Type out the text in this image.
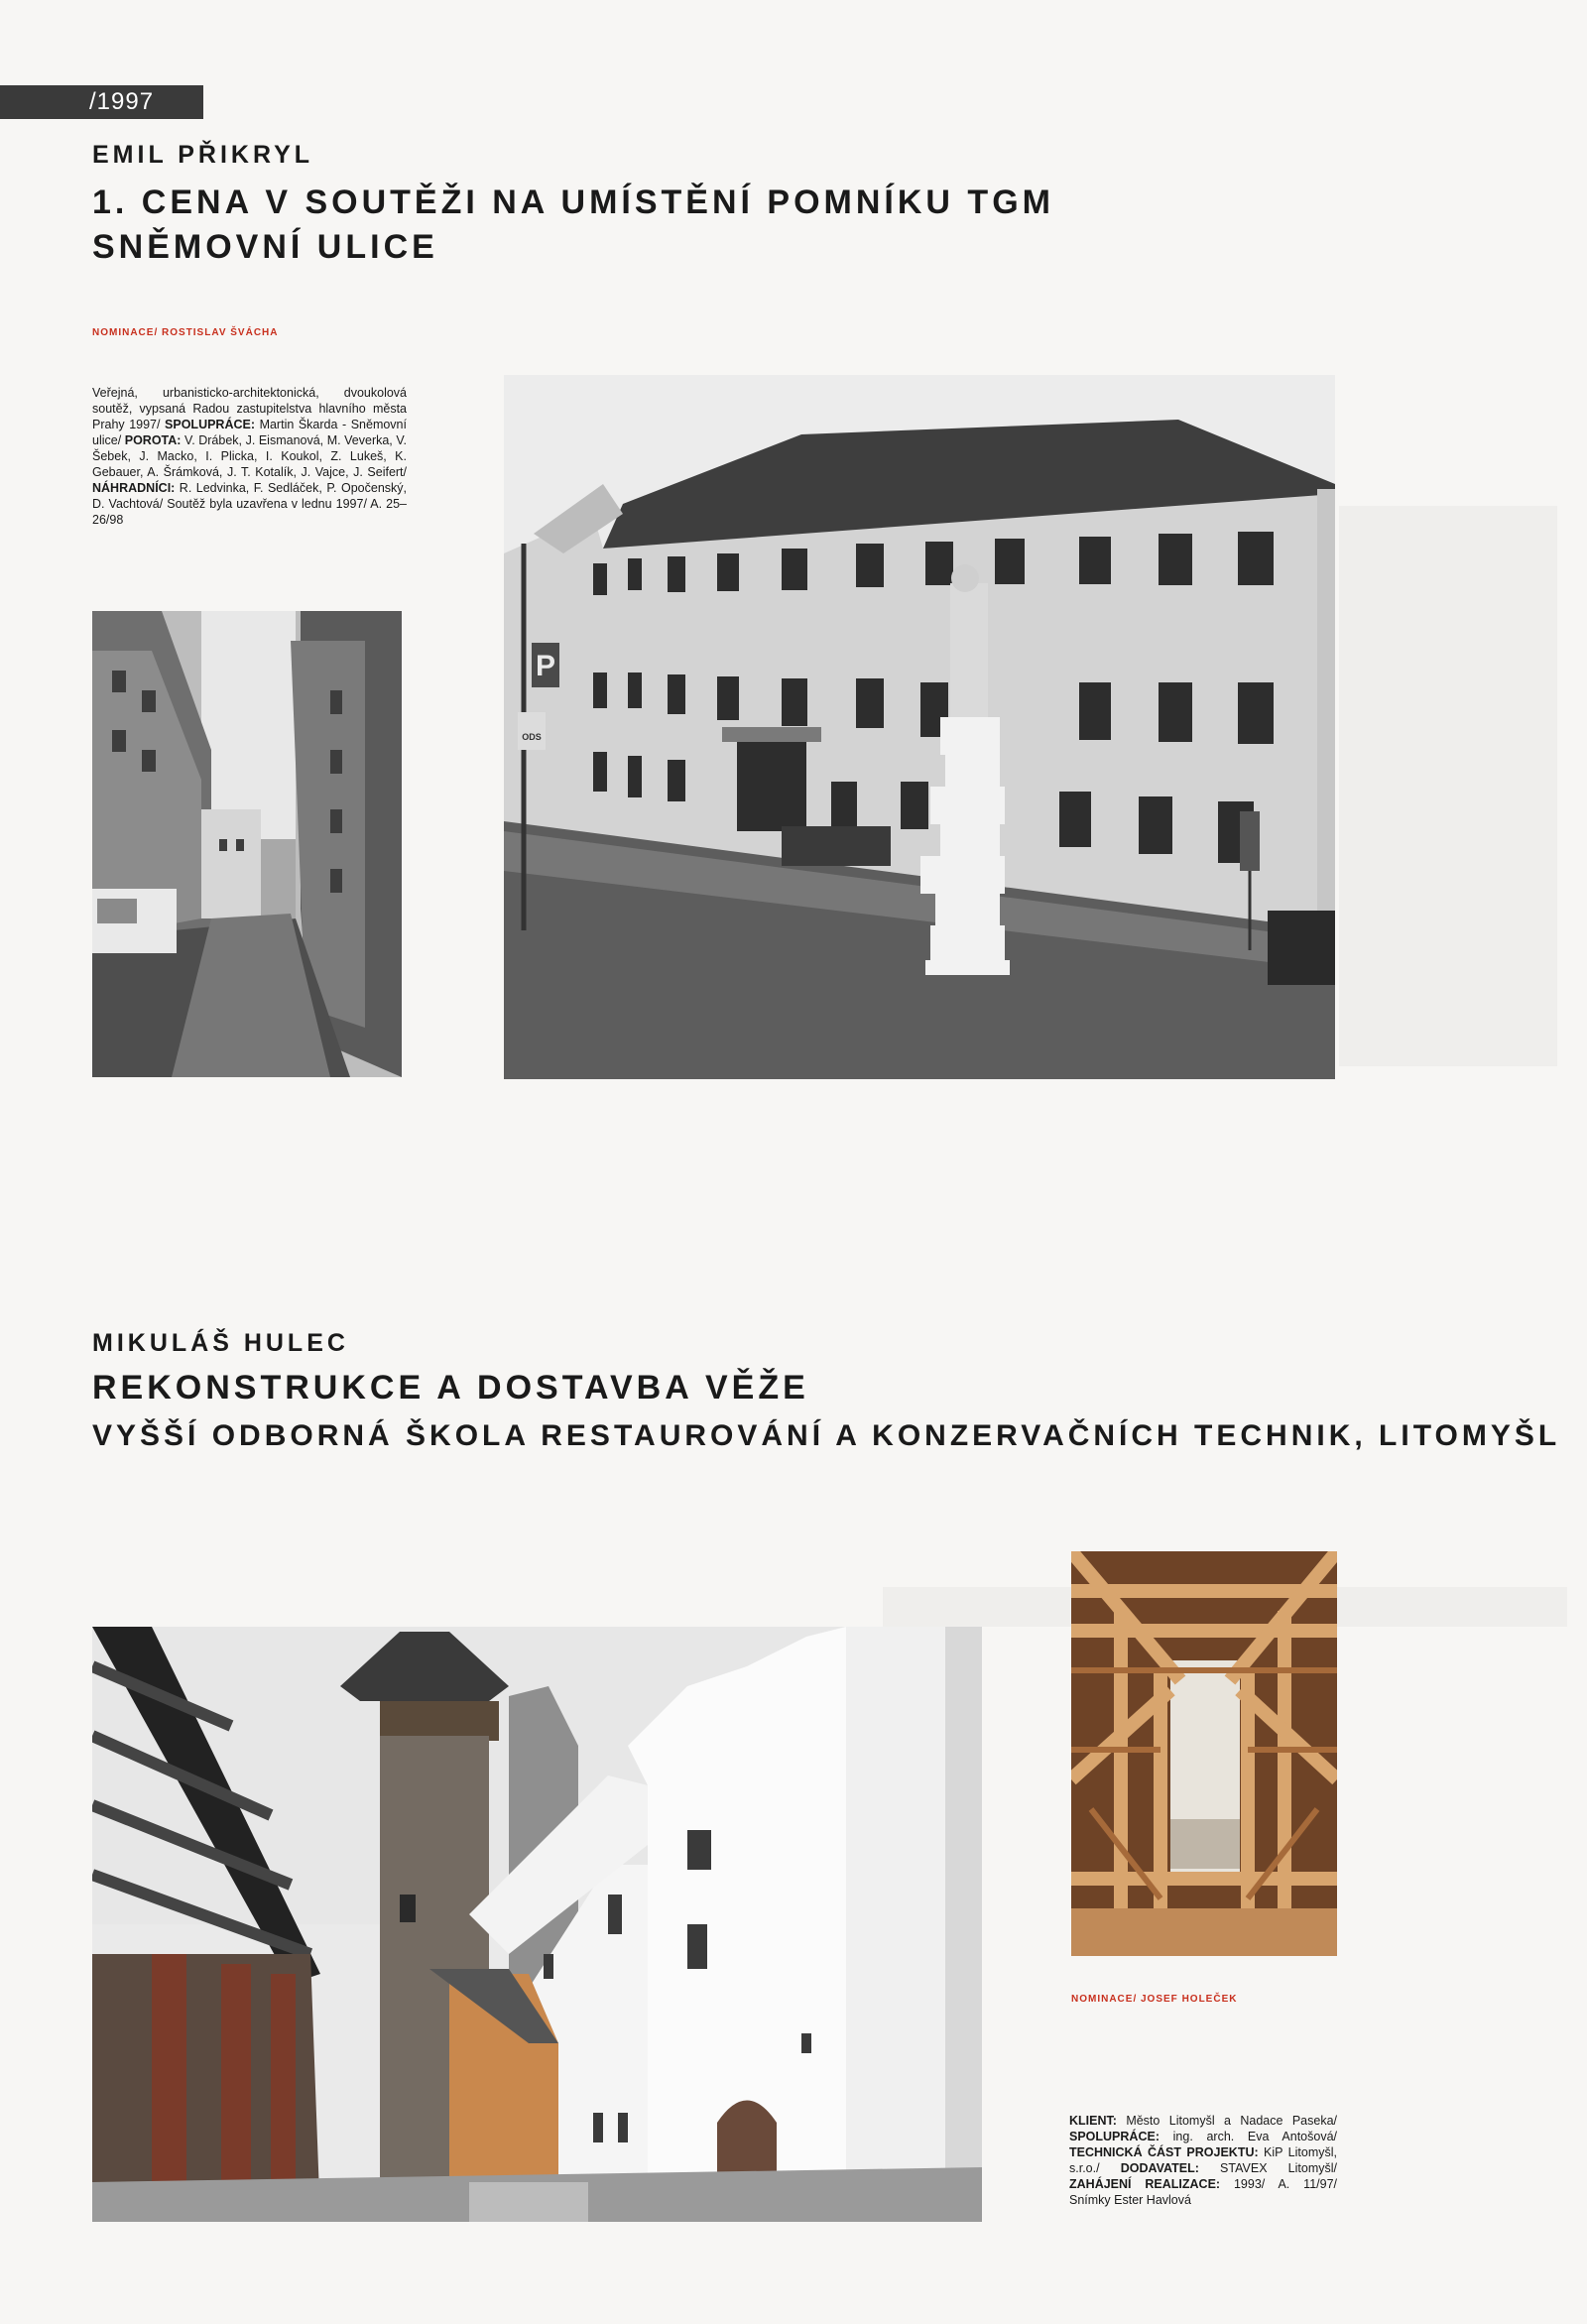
/1997
EMIL PŘIKRYL
1. CENA V SOUTĚŽI NA UMÍSTĚNÍ POMNÍKU TGM
SNĚMOVNÍ ULICE
NOMINACE/ ROSTISLAV ŠVÁCHA
Veřejná, urbanisticko-architektonická, dvoukolová soutěž, vypsaná Radou zastupitelstva hlavního města Prahy 1997/ SPOLUPRÁCE: Martin Škarda - Sněmovní ulice/ POROTA: V. Drábek, J. Eismanová, M. Veverka, V. Šebek, J. Macko, I. Plicka, I. Koukol, Z. Lukeš, K. Gebauer, A. Šrámková, J. T. Kotalík, J. Vajce, J. Seifert/ NÁHRADNÍCI: R. Ledvinka, F. Sedláček, P. Opočenský, D. Vachtová/ Soutěž byla uzavřena v lednu 1997/ A. 25–26/98
P
ODS
MIKULÁŠ HULEC
REKONSTRUKCE A DOSTAVBA VĚŽE
VYŠŠÍ ODBORNÁ ŠKOLA RESTAUROVÁNÍ A KONZERVAČNÍCH TECHNIK, LITOMYŠL
NOMINACE/ JOSEF HOLEČEK
KLIENT: Město Litomyšl a Nadace Paseka/ SPOLUPRÁCE: ing. arch. Eva Antošová/ TECHNICKÁ ČÁST PROJEKTU: KiP Litomyšl, s.r.o./ DODAVATEL: STAVEX Litomyšl/ ZAHÁJENÍ REALIZACE: 1993/ A. 11/97/ Snímky Ester Havlová
